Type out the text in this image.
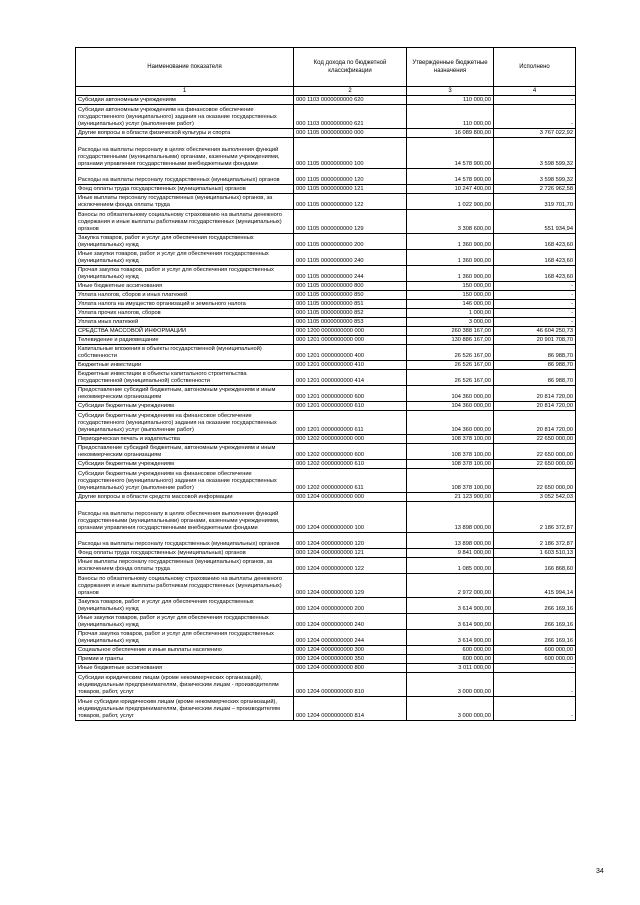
Наименование показателя	Код дохода по бюджетной классификации	Утвержденные бюджетные назначения	Исполнено
1	2	3	4
Субсидии автономным учреждениям	000 1103 0000000000 620	110 000,00	-
Субсидии автономным учреждениям на финансовое обеспечение государственного (муниципального) задания на оказание государственных (муниципальных) услуг (выполнение работ)	000 1103 0000000000 621	110 000,00	-
Другие вопросы в области физической культуры и спорта	000 1105 0000000000 000	16 089 800,00	3 767 022,92
Расходы на выплаты персоналу в целях обеспечения выполнения функций государственными (муниципальными) органами, казенными учреждениями, органами управления государственными внебюджетными фондами	000 1105 0000000000 100	14 578 900,00	3 598 599,32
Расходы на выплаты персоналу государственных (муниципальных) органов	000 1105 0000000000 120	14 578 900,00	3 598 599,32
Фонд оплаты труда государственных (муниципальных) органов	000 1105 0000000000 121	10 247 400,00	2 726 962,58
Иные выплаты персоналу государственных (муниципальных) органов, за исключением фонда оплаты труда	000 1105 0000000000 122	1 022 900,00	319 701,70
Взносы по обязательному социальному страхованию на выплаты денежного содержания и иные выплаты работникам государственных (муниципальных) органов	000 1105 0000000000 129	3 308 600,00	551 934,94
Закупка товаров, работ и услуг для обеспечения государственных (муниципальных) нужд	000 1105 0000000000 200	1 360 900,00	168 423,60
Иные закупки товаров, работ и услуг для обеспечения государственных (муниципальных) нужд	000 1105 0000000000 240	1 360 900,00	168 423,60
Прочая закупка товаров, работ и услуг для обеспечения государственных (муниципальных) нужд	000 1105 0000000000 244	1 360 900,00	168 423,60
Иные бюджетные ассигнования	000 1105 0000000000 800	150 000,00	-
Уплата налогов, сборов и иных платежей	000 1105 0000000000 850	150 000,00	-
Уплата налога на имущество организаций и земельного налога	000 1105 0000000000 851	146 000,00	-
Уплата прочих налогов, сборов	000 1105 0000000000 852	1 000,00	-
Уплата иных платежей	000 1105 0000000000 853	3 000,00	-
СРЕДСТВА МАССОВОЙ ИНФОРМАЦИИ	000 1200 0000000000 000	260 388 167,00	46 604 250,73
Телевидение и радиовещание	000 1201 0000000000 000	130 886 167,00	20 901 708,70
Капитальные вложения в объекты государственной (муниципальной) собственности	000 1201 0000000000 400	26 526 167,00	86 988,70
Бюджетные инвестиции	000 1201 0000000000 410	26 526 167,00	86 988,70
Бюджетные инвестиции в объекты капитального строительства государственной (муниципальной) собственности	000 1201 0000000000 414	26 526 167,00	86 988,70
Предоставление субсидий бюджетным, автономным учреждениям и иным некоммерческим организациям	000 1201 0000000000 600	104 360 000,00	20 814 720,00
Субсидии бюджетным учреждениям	000 1201 0000000000 610	104 360 000,00	20 814 720,00
Субсидии бюджетным учреждениям на финансовое обеспечение государственного (муниципального) задания на оказание государственных (муниципальных) услуг (выполнение работ)	000 1201 0000000000 611	104 360 000,00	20 814 720,00
Периодическая печать и издательства	000 1202 0000000000 000	108 378 100,00	22 650 000,00
Предоставление субсидий бюджетным, автономным учреждениям и иным некоммерческим организациям	000 1202 0000000000 600	108 378 100,00	22 650 000,00
Субсидии бюджетным учреждениям	000 1202 0000000000 610	108 378 100,00	22 650 000,00
Субсидии бюджетным учреждениям на финансовое обеспечение государственного (муниципального) задания на оказание государственных (муниципальных) услуг (выполнение работ)	000 1202 0000000000 611	108 378 100,00	22 650 000,00
Другие вопросы в области средств массовой информации	000 1204 0000000000 000	21 123 900,00	3 052 542,03
Расходы на выплаты персоналу в целях обеспечения выполнения функций государственными (муниципальными) органами, казенными учреждениями, органами управления государственными внебюджетными фондами	000 1204 0000000000 100	13 898 000,00	2 186 372,87
Расходы на выплаты персоналу государственных (муниципальных) органов	000 1204 0000000000 120	13 898 000,00	2 186 372,87
Фонд оплаты труда государственных (муниципальных) органов	000 1204 0000000000 121	9 841 000,00	1 603 510,13
Иные выплаты персоналу государственных (муниципальных) органов, за исключением фонда оплаты труда	000 1204 0000000000 122	1 085 000,00	166 868,60
Взносы по обязательному социальному страхованию на выплаты денежного содержания и иные выплаты работникам государственных (муниципальных) органов	000 1204 0000000000 129	2 972 000,00	415 994,14
Закупка товаров, работ и услуг для обеспечения государственных (муниципальных) нужд	000 1204 0000000000 200	3 614 900,00	266 169,16
Иные закупки товаров, работ и услуг для обеспечения государственных (муниципальных) нужд	000 1204 0000000000 240	3 614 900,00	266 169,16
Прочая закупка товаров, работ и услуг для обеспечения государственных (муниципальных) нужд	000 1204 0000000000 244	3 614 900,00	266 169,16
Социальное обеспечение и иные выплаты населению	000 1204 0000000000 300	600 000,00	600 000,00
Премии и гранты	000 1204 0000000000 350	600 000,00	600 000,00
Иные бюджетные ассигнования	000 1204 0000000000 800	3 011 000,00	-
Субсидии юридическим лицам (кроме некоммерческих организаций), индивидуальным предпринимателям, физическим лицам - производителям товаров, работ, услуг	000 1204 0000000000 810	3 000 000,00	-
Иные субсидии юридическим лицам (кроме некоммерческих организаций), индивидуальным предпринимателям, физическим лицам – производителям товаров, работ, услуг	000 1204 0000000000 814	3 000 000,00	-
34
